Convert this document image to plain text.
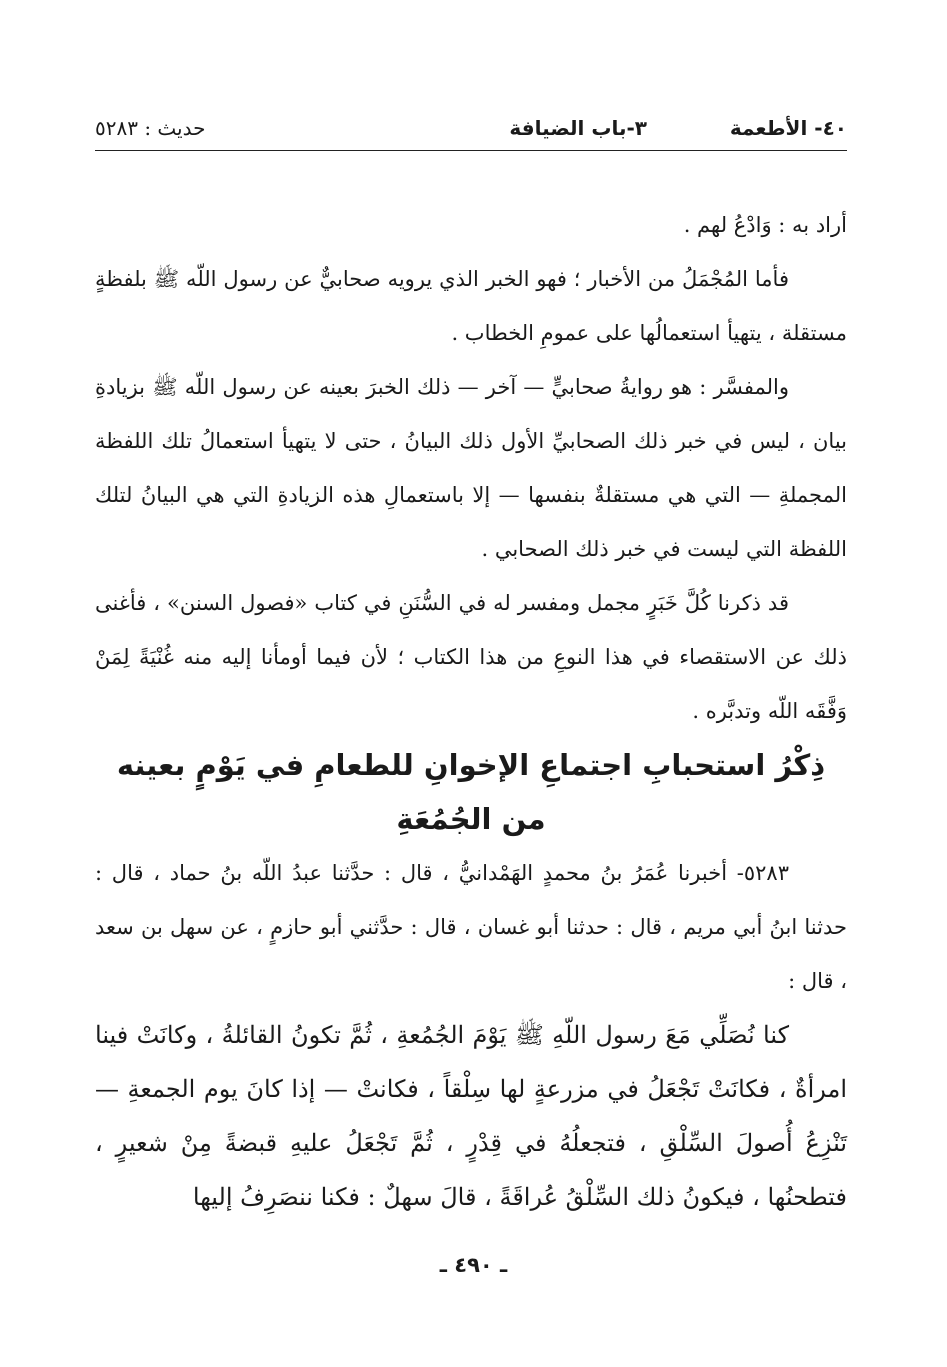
٤٠- الأطعمة
٣-باب الضيافة
حديث : ٥٢٨٣

أراد به : وَادْعُ لهم .

فأما المُجْمَلُ من الأخبار ؛ فهو الخبر الذي يرويه صحابيٌّ عن رسول اللّه ﷺ بلفظةٍ مستقلة ، يتهيأ استعمالُها على عمومِ الخطاب .

والمفسَّر : هو روايةُ صحابيٍّ — آخر — ذلك الخبرَ بعينه عن رسول اللّه ﷺ بزيادةِ بيان ، ليس في خبر ذلك الصحابيِّ الأول ذلك البيانُ ، حتى لا يتهيأ استعمالُ تلك اللفظة المجملةِ — التي هي مستقلةٌ بنفسها — إلا باستعمالِ هذه الزيادةِ التي هي البيانُ لتلك اللفظة التي ليست في خبر ذلك الصحابي .

قد ذكرنا كُلَّ خَبَرٍ مجمل ومفسر له في السُّنَنِ في كتاب «فصول السنن» ، فأغنى ذلك عن الاستقصاء في هذا النوعِ من هذا الكتاب ؛ لأن فيما أومأنا إليه منه غُنْيَةً لِمَنْ وَفَّقَه اللّه وتدبَّره .

ذِكْرُ استحبابِ اجتماعِ الإخوانِ للطعامِ في يَوْمٍ بعينه من الجُمُعَةِ

٥٢٨٣- أخبرنا عُمَرُ بنُ محمدٍ الهَمْدانيُّ ، قال : حدَّثنا عبدُ اللّه بنُ حماد ، قال : حدثنا ابنُ أبي مريم ، قال : حدثنا أبو غسان ، قال : حدَّثني أبو حازمٍ ، عن سهل بن سعد ، قال :

كنا نُصَلِّي مَعَ رسول اللّهِ ﷺ يَوْمَ الجُمُعةِ ، ثُمَّ تكونُ القائلةُ ، وكانَتْ فينا امرأةٌ ، فكانَتْ تَجْعَلُ في مزرعةٍ لها سِلْقاً ، فكانتْ — إذا كانَ يوم الجمعةِ — تَنْزِعُ أُصولَ السِّلْقِ ، فتجعلُهُ في قِدْرٍ ، ثُمَّ تَجْعَلُ عليهِ قبضةً مِنْ شعيرٍ ، فتطحنُها ، فيكونُ ذلك السِّلْقُ عُراقَةً ، قالَ سهلٌ : فكنا ننصَرِفُ إليها

ـ ٤٩٠ ـ
